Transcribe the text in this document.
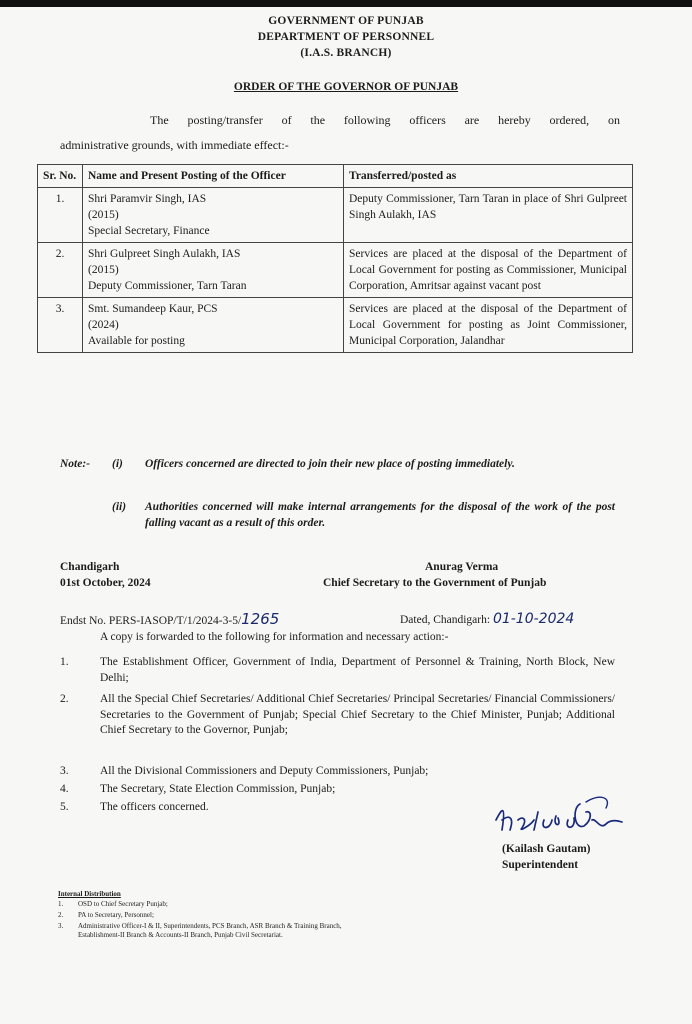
GOVERNMENT OF PUNJAB
DEPARTMENT OF PERSONNEL
(I.A.S. BRANCH)
ORDER OF THE GOVERNOR OF PUNJAB
The posting/transfer of the following officers are hereby ordered, on
administrative grounds, with immediate effect:-
Sr. No.	Name and Present Posting of the Officer	Transferred/posted as
1.	Shri Paramvir Singh, IAS
(2015)
Special Secretary, Finance	Deputy Commissioner, Tarn Taran in place of Shri Gulpreet Singh Aulakh, IAS
2.	Shri Gulpreet Singh Aulakh, IAS
(2015)
Deputy Commissioner, Tarn Taran	Services are placed at the disposal of the Department of Local Government for posting as Commissioner, Municipal Corporation, Amritsar against vacant post
3.	Smt. Sumandeep Kaur, PCS
(2024)
Available for posting	Services are placed at the disposal of the Department of Local Government for posting as Joint Commissioner, Municipal Corporation, Jalandhar
Note:- (i) Officers concerned are directed to join their new place of posting immediately.
(ii) Authorities concerned will make internal arrangements for the disposal of the work of the post falling vacant as a result of this order.
Chandigarh
01st October, 2024
Anurag Verma
Chief Secretary to the Government of Punjab
Endst No. PERS-IASOP/T/1/2024-3-5/1265	Dated, Chandigarh: 01-10-2024
A copy is forwarded to the following for information and necessary action:-
1.	The Establishment Officer, Government of India, Department of Personnel & Training, North Block, New Delhi;
2.	All the Special Chief Secretaries/ Additional Chief Secretaries/ Principal Secretaries/ Financial Commissioners/ Secretaries to the Government of Punjab; Special Chief Secretary to the Chief Minister, Punjab; Additional Chief Secretary to the Governor, Punjab;
3.	All the Divisional Commissioners and Deputy Commissioners, Punjab;
4.	The Secretary, State Election Commission, Punjab;
5.	The officers concerned.
(Kailash Gautam)
Superintendent
Internal Distribution
1. OSD to Chief Secretary Punjab;
2. PA to Secretary, Personnel;
3. Administrative Officer-I & II, Superintendents, PCS Branch, ASR Branch & Training Branch, Establishment-II Branch & Accounts-II Branch, Punjab Civil Secretariat.
